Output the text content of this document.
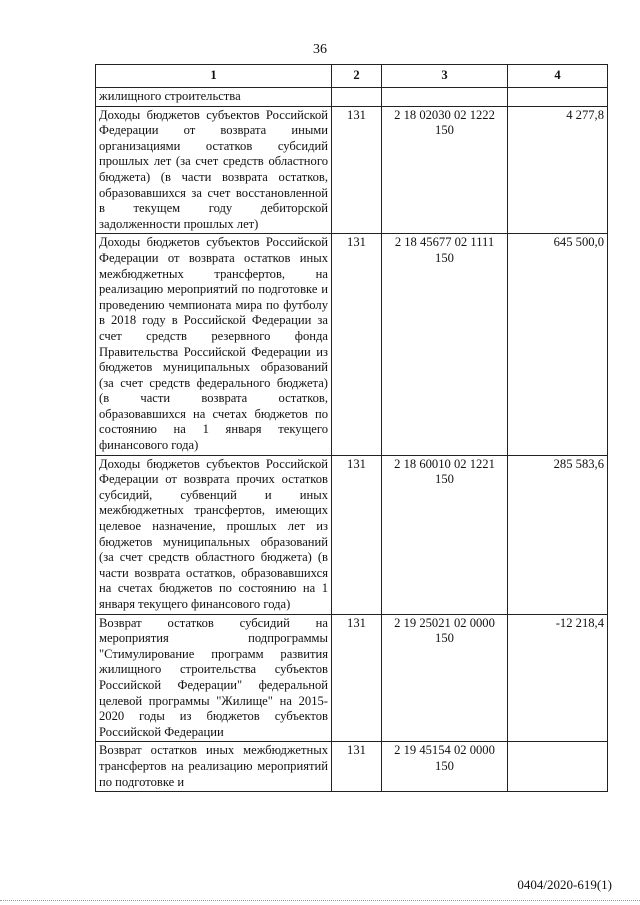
36
1	2	3	4
жилищного строительства			
Доходы бюджетов субъектов Российской Федерации от возврата иными организациями остатков субсидий прошлых лет (за счет средств областного бюджета) (в части возврата остатков, образовавшихся за счет восстановленной в текущем году дебиторской задолженности прошлых лет)	131	2 18 02030 02 1222 150	4 277,8
Доходы бюджетов субъектов Российской Федерации от возврата остатков иных межбюджетных трансфертов, на реализацию мероприятий по подготовке и проведению чемпионата мира по футболу в 2018 году в Российской Федерации за счет средств резервного фонда Правительства Российской Федерации из бюджетов муниципальных образований (за счет средств федерального бюджета) (в части возврата остатков, образовавшихся на счетах бюджетов по состоянию на 1 января текущего финансового года)	131	2 18 45677 02 1111 150	645 500,0
Доходы бюджетов субъектов Российской Федерации от возврата прочих остатков субсидий, субвенций и иных межбюджетных трансфертов, имеющих целевое назначение, прошлых лет из бюджетов муниципальных образований (за счет средств областного бюджета) (в части возврата остатков, образовавшихся на счетах бюджетов по состоянию на 1 января текущего финансового года)	131	2 18 60010 02 1221 150	285 583,6
Возврат остатков субсидий на мероприятия подпрограммы "Стимулирование программ развития жилищного строительства субъектов Российской Федерации" федеральной целевой программы "Жилище" на 2015-2020 годы из бюджетов субъектов Российской Федерации	131	2 19 25021 02 0000 150	-12 218,4
Возврат остатков иных межбюджетных трансфертов на реализацию мероприятий по подготовке и	131	2 19 45154 02 0000 150	
0404/2020-619(1)
